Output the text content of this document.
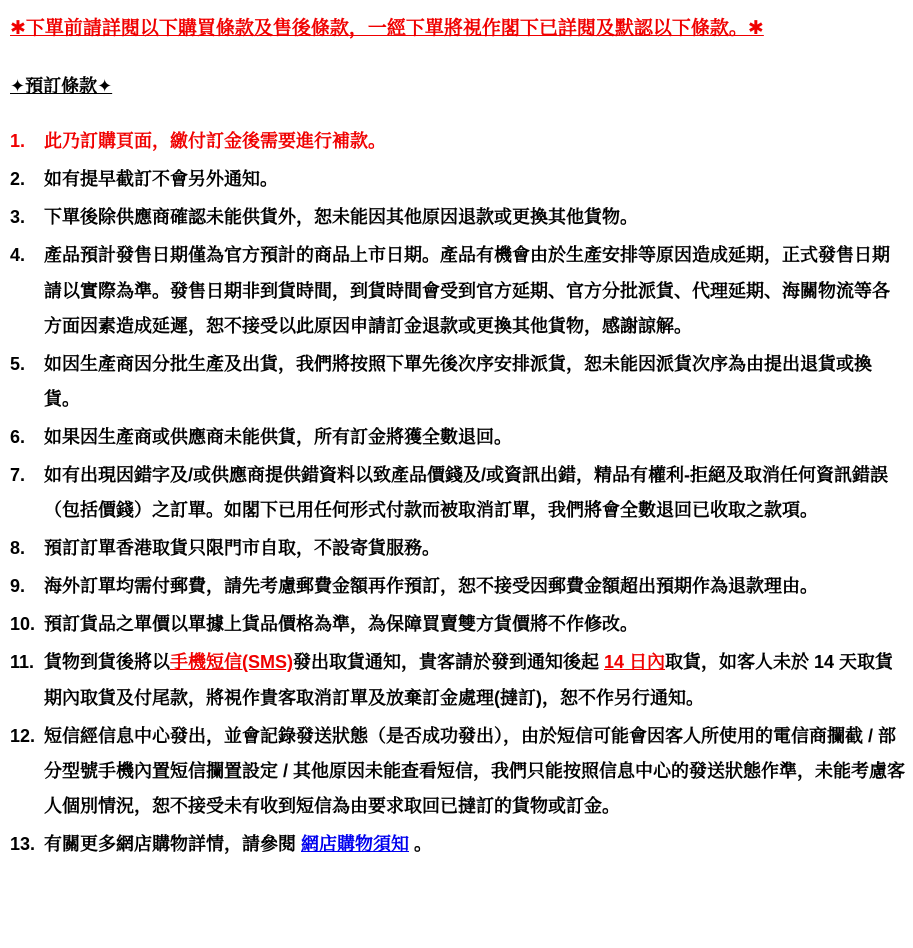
✱下單前請詳閱以下購買條款及售後條款，一經下單將視作閣下已詳閱及默認以下條款。✱
✦預訂條款✦
1. 此乃訂購頁面，繳付訂金後需要進行補款。
2. 如有提早截訂不會另外通知。
3. 下單後除供應商確認未能供貨外，恕未能因其他原因退款或更換其他貨物。
4. 產品預計發售日期僅為官方預計的商品上市日期。產品有機會由於生產安排等原因造成延期，正式發售日期請以實際為準。發售日期非到貨時間，到貨時間會受到官方延期、官方分批派貨、代理延期、海關物流等各方面因素造成延遲，恕不接受以此原因申請訂金退款或更換其他貨物，感謝諒解。
5. 如因生產商因分批生產及出貨，我們將按照下單先後次序安排派貨，恕未能因派貨次序為由提出退貨或換貨。
6. 如果因生產商或供應商未能供貨，所有訂金將獲全數退回。
7. 如有出現因錯字及/或供應商提供錯資料以致產品價錢及/或資訊出錯，精品有權利-拒絕及取消任何資訊錯誤（包括價錢）之訂單。如閣下已用任何形式付款而被取消訂單，我們將會全數退回已收取之款項。
8. 預訂訂單香港取貨只限門市自取，不設寄貨服務。
9. 海外訂單均需付郵費，請先考慮郵費金額再作預訂，恕不接受因郵費金額超出預期作為退款理由。
10. 預訂貨品之單價以單據上貨品價格為準，為保障買賣雙方貨價將不作修改。
11. 貨物到貨後將以手機短信(SMS)發出取貨通知，貴客請於發到通知後起 14 日內取貨，如客人未於 14 天取貨期內取貨及付尾款，將視作貴客取消訂單及放棄訂金處理(撻訂)，恕不作另行通知。
12. 短信經信息中心發出，並會記錄發送狀態（是否成功發出），由於短信可能會因客人所使用的電信商攔截 / 部分型號手機內置短信攔置設定 / 其他原因未能查看短信，我們只能按照信息中心的發送狀態作準，未能考慮客人個別情況，恕不接受未有收到短信為由要求取回已撻訂的貨物或訂金。
13. 有關更多網店購物詳情，請參閱 網店購物須知 。
